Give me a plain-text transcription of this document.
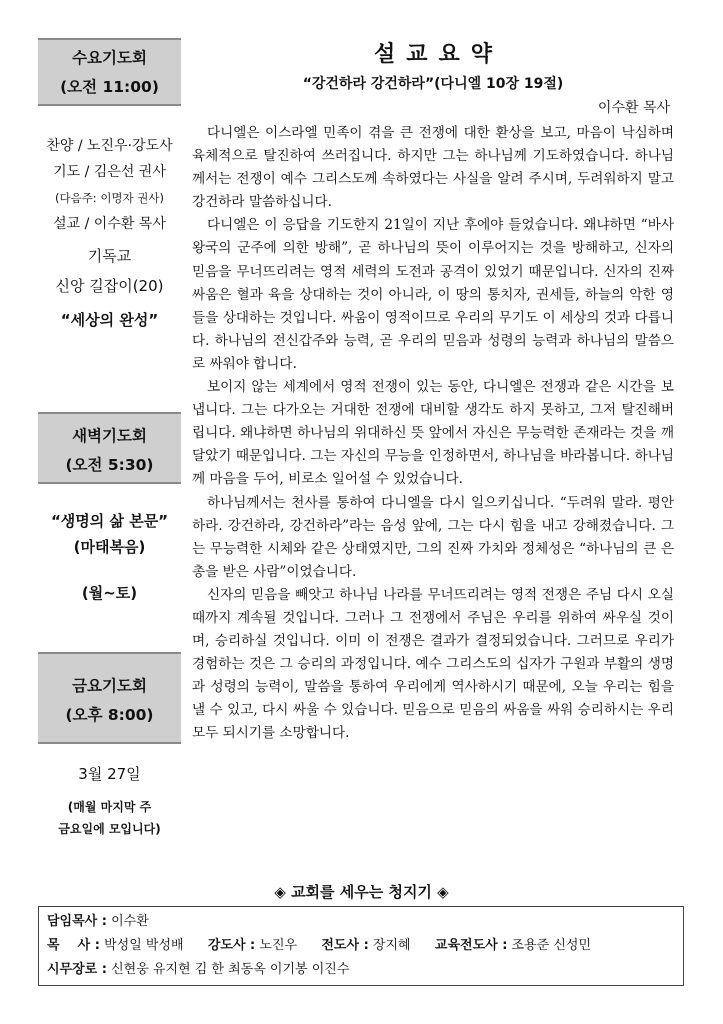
수요기도회
(오전 11:00)
찬양 / 노진우·강도사
기도 / 김은선 권사
(다음주: 이명자 권사)
설교 / 이수환 목사
기독교
신앙 길잡이(20)
“세상의 완성”
새벽기도회
(오전 5:30)
“생명의 삶 본문”
(마태복음)
(월~토)
금요기도회
(오후 8:00)
3월 27일
(매월 마지막 주
금요일에 모입니다)
설교요약
“강건하라 강건하라”(다니엘 10장 19절)
이수환 목사

다니엘은 이스라엘 민족이 겪을 큰 전쟁에 대한 환상을 보고, 마음이 낙심하며 육체적으로 탈진하여 쓰러집니다. 하지만 그는 하나님께 기도하였습니다. 하나님께서는 전쟁이 예수 그리스도께 속하였다는 사실을 알려 주시며, 두려워하지 말고 강건하라 말씀하십니다.

다니엘은 이 응답을 기도한지 21일이 지난 후에야 들었습니다. 왜냐하면 “바사 왕국의 군주에 의한 방해”, 곧 하나님의 뜻이 이루어지는 것을 방해하고, 신자의 믿음을 무너뜨리려는 영적 세력의 도전과 공격이 있었기 때문입니다. 신자의 진짜 싸움은 혈과 육을 상대하는 것이 아니라, 이 땅의 통치자, 권세들, 하늘의 악한 영들을 상대하는 것입니다. 싸움이 영적이므로 우리의 무기도 이 세상의 것과 다릅니다. 하나님의 전신갑주와 능력, 곧 우리의 믿음과 성령의 능력과 하나님의 말씀으로 싸워야 합니다.

보이지 않는 세계에서 영적 전쟁이 있는 동안, 다니엘은 전쟁과 같은 시간을 보냅니다. 그는 다가오는 거대한 전쟁에 대비할 생각도 하지 못하고, 그저 탈진해버립니다. 왜냐하면 하나님의 위대하신 뜻 앞에서 자신은 무능력한 존재라는 것을 깨달았기 때문입니다. 그는 자신의 무능을 인정하면서, 하나님을 바라봅니다. 하나님께 마음을 두어, 비로소 일어설 수 있었습니다.

하나님께서는 천사를 통하여 다니엘을 다시 일으키십니다. “두려워 말라. 평안하라. 강건하라, 강건하라”라는 음성 앞에, 그는 다시 힘을 내고 강해졌습니다. 그는 무능력한 시체와 같은 상태였지만, 그의 진짜 가치와 정체성은 “하나님의 큰 은총을 받은 사람”이었습니다.

신자의 믿음을 빼앗고 하나님 나라를 무너뜨리려는 영적 전쟁은 주님 다시 오실 때까지 계속될 것입니다. 그러나 그 전쟁에서 주님은 우리를 위하여 싸우실 것이며, 승리하실 것입니다. 이미 이 전쟁은 결과가 결정되었습니다. 그러므로 우리가 경험하는 것은 그 승리의 과정입니다. 예수 그리스도의 십자가 구원과 부활의 생명과 성령의 능력이, 말씀을 통하여 우리에게 역사하시기 때문에, 오늘 우리는 힘을 낼 수 있고, 다시 싸울 수 있습니다. 믿음으로 믿음의 싸움을 싸워 승리하시는 우리 모두 되시기를 소망합니다.

◈ 교회를 세우는 청지기 ◈
담임목사 : 이수환
목    사 : 박성일 박성배 강도사 : 노진우 전도사 : 장지혜 교육전도사 : 조용준 신성민
시무장로 : 신현웅 유지현 김 한 최동옥 이기봉 이진수
